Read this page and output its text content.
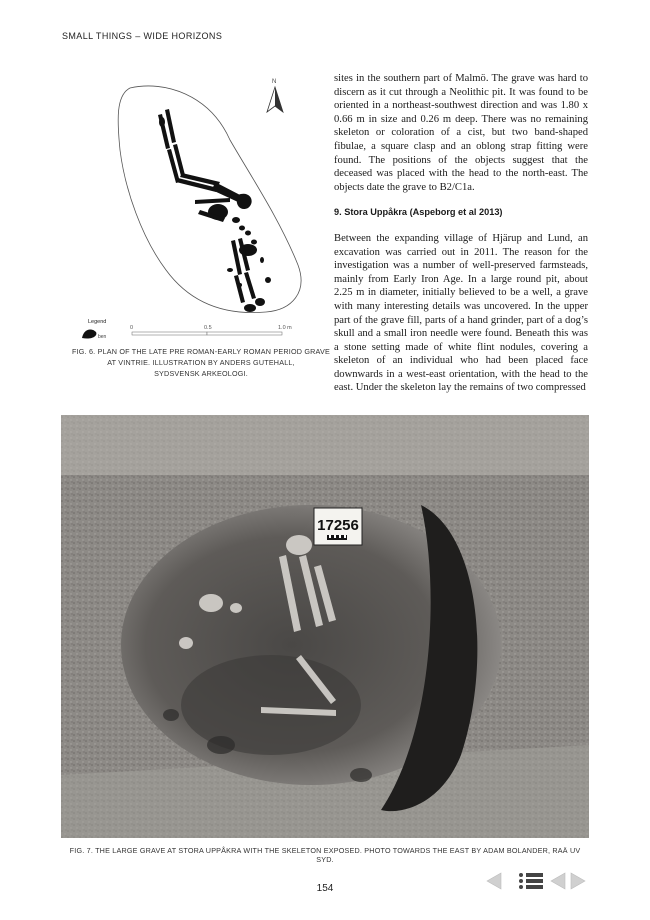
SMALL THINGS – WIDE HORIZONS
N
Legend
ben
0	0.5	1.0 m
FIG. 6. PLAN OF THE LATE PRE ROMAN-EARLY ROMAN PERIOD GRAVE
AT VINTRIE. ILLUSTRATION BY ANDERS GUTEHALL,
SYDSVENSK ARKEOLOGI.

sites in the southern part of Malmö. The grave was hard to discern as it cut through a Neolithic pit. It was found to be oriented in a northeast-southwest direction and was 1.80 x 0.66 m in size and 0.26 m deep. There was no remaining skeleton or coloration of a cist, but two band-shaped fibulae, a square clasp and an oblong strap fitting were found. The positions of the objects suggest that the deceased was placed with the head to the north-east. The objects date the grave to B2/C1a.

9. Stora Uppåkra (Aspeborg et al 2013)

Between the expanding village of Hjärup and Lund, an excavation was carried out in 2011. The reason for the investigation was a number of well-preserved farmsteads, mainly from Early Iron Age. In a large round pit, about 2.25 m in diameter, initially believed to be a well, a grave with many interesting details was uncovered. In the upper part of the grave fill, parts of a hand grinder, part of a dog’s skull and a small iron needle were found. Beneath this was a stone setting made of white flint nodules, covering a skeleton of an individual who had been placed face downwards in a west-east orientation, with the head to the east. Under the skeleton lay the remains of two compressed

17256
FIG. 7. THE LARGE GRAVE AT STORA UPPÅKRA WITH THE SKELETON EXPOSED. PHOTO TOWARDS THE EAST BY ADAM BOLANDER, RAÄ UV SYD.
154
